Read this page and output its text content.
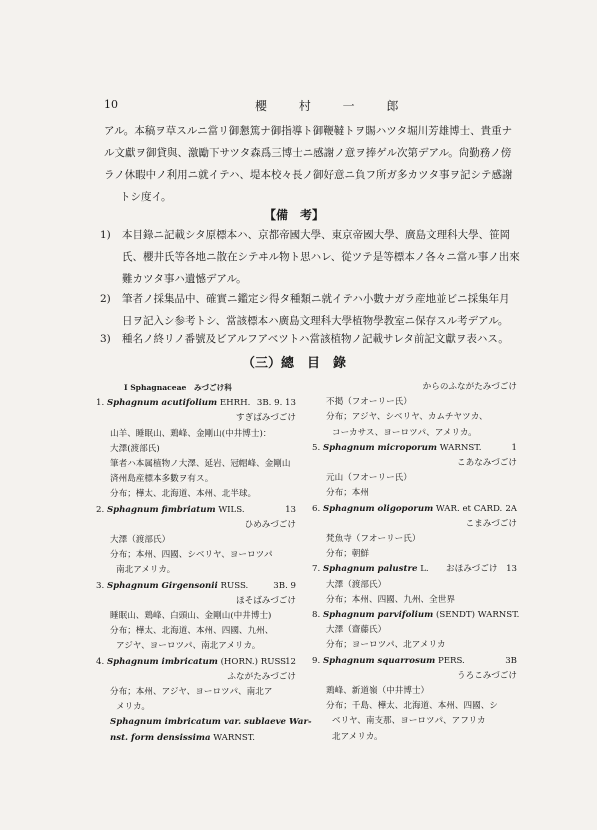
10	櫻 村 一 郎
アル。本稿ヲ草スルニ當リ御懇篤ナ御指導ト御鞭韃トヲ賜ハツタ堀川芳雄博士、貴重ナ
ル文獻ヲ御貸與、激勵下サツタ森爲三博士ニ感謝ノ意ヲ捧ゲル次第デアル。尙勤務ノ傍
ラノ休暇中ノ利用ニ就イテハ、堤本校々長ノ御好意ニ負フ所ガ多カツタ事ヲ記シテ感謝
トシ度イ。
【備　考】
1) 本目錄ニ記載シタ原標本ハ、京都帝國大學、東京帝國大學、廣島文理科大學、笹岡
氏、櫻井氏等各地ニ散在シテヰル物ト思ハレ、從ツテ是等標本ノ各々ニ當ル事ノ出來
難カツタ事ハ遺憾デアル。
2) 筆者ノ採集品中、確實ニ鑑定シ得タ種類ニ就イテハ小數ナガラ産地並ビニ採集年月
日ヲ記入シ参考トシ、當該標本ハ廣島文理科大學植物學教室ニ保存スル考デアル。
3) 種名ノ終リノ番號及ビアルフアベツトハ當該植物ノ記載サレタ前記文獻ヲ表ハス。
（三）總　目　錄
I Sphagnaceae　みづごけ科
1. Sphagnum acutifolium EHRH. 3B. 9. 13
すぎばみづごけ
山羊、睡眠山、鶏峰、金剛山(中井博士)：
大澤(渡部氏)
筆者ハ本属植物ノ大澤、延岩、冠帽峰、金剛山
済州島産標本多數ヲ有ス。
分布；樺太、北海道、本州、北半球。
2. Sphagnum fimbriatum WILS.	13
ひめみづごけ
大澤（渡部氏）
分布；本州、四國、シベリヤ、ヨーロツパ
南北アメリカ。
3. Sphagnum Girgensonii RUSS.	3B. 9
ほそばみづごけ
睡眠山、鶏峰、白頭山、金剛山(中井博士)
分布；樺太、北海道、本州、四國、九州、
アジヤ、ヨーロツパ、南北アメリカ。
4. Sphagnum imbricatum (HORN.) RUSS
12
ふながたみづごけ
分布；本州、アジヤ、ヨーロツパ、南北ア
メリカ。
Sphagnum imbricatum var. sublaeve War-
nst. form densissima WARNST.
からのふながたみづごけ
不掲（フオーリー氏）
分布；アジヤ、シベリヤ、カムチヤツカ、
コーカサス、ヨーロツパ、アメリカ。
5. Sphagnum microporum WARNST.	1
こあなみづごけ
元山（フオーリー氏）
分布；本州
6. Sphagnum oligoporum WAR. et CARD. 2A
こまみづごけ
梵魚寺（フオーリー氏）
分布；朝鮮
7. Sphagnum palustre L. おほみづごけ　 13
大澤（渡部氏）
分布；本州、四國、九州、全世界
8. Sphagnum parvifolium (SENDT) WARNST.
大澤（齋藤氏）
分布；ヨーロツパ、北アメリカ
9. Sphagnum squarrosum PERS.	3B
うろこみづごけ
鶏峰、新道嶺（中井博士）
分布；千島、樺太、北海道、本州、四國、シ
ベリヤ、南支那、ヨーロツパ、アフリカ
北アメリカ。
